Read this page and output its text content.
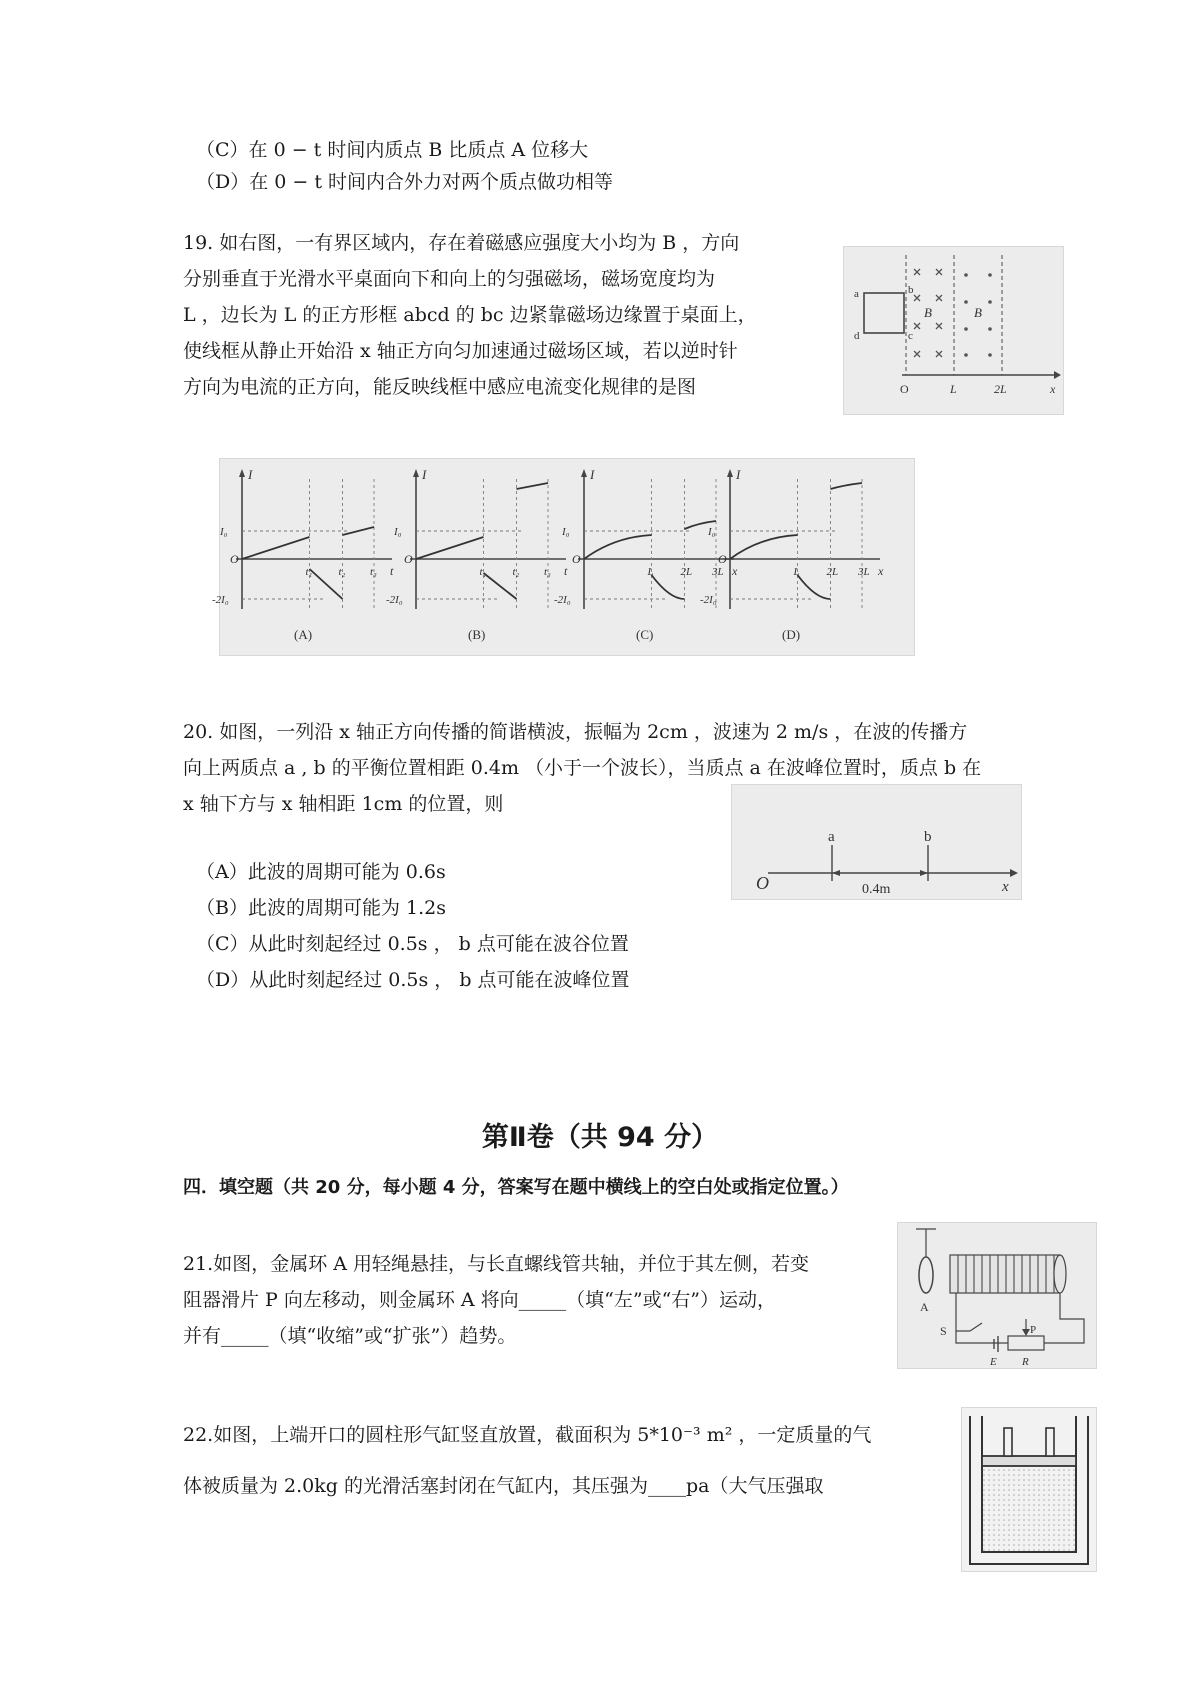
（C）在 0 − t 时间内质点 B 比质点 A 位移大
（D）在 0 − t 时间内合外力对两个质点做功相等
19. 如右图，一有界区域内，存在着磁感应强度大小均为 B ，方向
分别垂直于光滑水平桌面向下和向上的匀强磁场，磁场宽度均为
L ，边长为 L 的正方形框 abcd 的 bc 边紧靠磁场边缘置于桌面上，
使线框从静止开始沿 x 轴正方向匀加速通过磁场区域，若以逆时针
方向为电流的正方向，能反映线框中感应电流变化规律的是图
a	b
c
d
B	B
O	L	2L	x
I
I₀
O
-2I₀
t₁ t₂ t₃ t
(A)
I
I₀
O
-2I₀
t₁ t₂ t₃ t
(B)
I
I₀
O
-2I₀
L 2L 3L x
(C)
I
I₀
O
-2I₀
L 2L 3L x
(D)
20. 如图，一列沿 x 轴正方向传播的简谐横波，振幅为 2cm ，波速为 2 m/s ，在波的传播方
向上两质点 a , b 的平衡位置相距 0.4m （小于一个波长），当质点 a 在波峰位置时，质点 b 在
x 轴下方与 x 轴相距 1cm 的位置，则
（A）此波的周期可能为 0.6s
（B）此波的周期可能为 1.2s
（C）从此时刻起经过 0.5s ， b 点可能在波谷位置
（D）从此时刻起经过 0.5s ， b 点可能在波峰位置
O
a	b
0.4m	x
第Ⅱ卷（共 94 分）
四．填空题（共 20 分，每小题 4 分，答案写在题中横线上的空白处或指定位置。）
21.如图，金属环 A 用轻绳悬挂，与长直螺线管共轴，并位于其左侧，若变
阻器滑片 P 向左移动，则金属环 A 将向_____（填“左”或“右”）运动，
并有_____（填“收缩”或“扩张”）趋势。
A
S	P
E R
22.如图，上端开口的圆柱形气缸竖直放置，截面积为 5*10⁻³ m² ，一定质量的气
体被质量为 2.0kg 的光滑活塞封闭在气缸内，其压强为____pa（大气压强取
